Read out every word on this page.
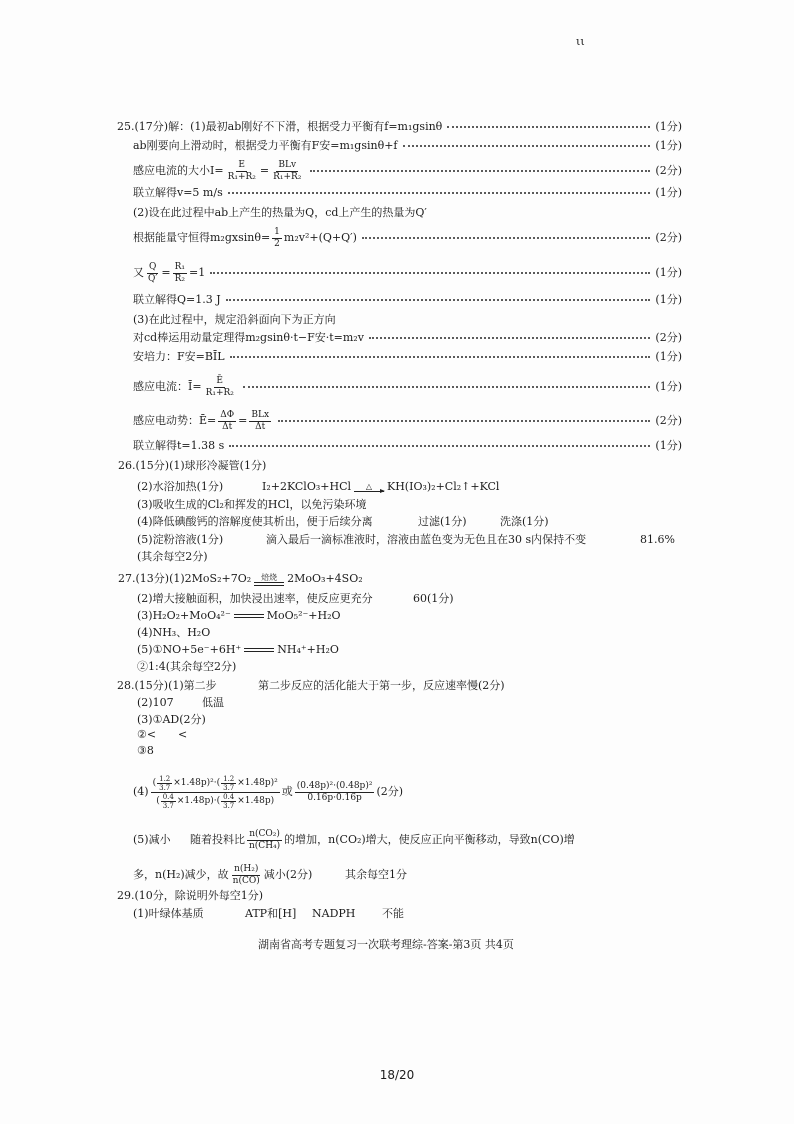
ιι
25.(17分)解：(1)最初ab刚好不下滑，根据受力平衡有f=m₁gsinθ	(1分)
ab刚要向上滑动时，根据受力平衡有F安=m₁gsinθ+f	(1分)
感应电流的大小$I= \frac{E}{\text{R₁+R₂}} = \frac{\text{BLv}}{\text{R₁+R₂}}$	(2分)
联立解得v=5 m/s	(1分)
(2)设在此过程中ab上产生的热量为Q，cd上产生的热量为Q′
根据能量守恒得$m_2gxsin\theta= \frac{1}{2} m_2v^2+(Q+Q')$	(2分)
又 $\frac{Q}{Q'} = \frac{\text{R₁}}{\text{R₂}} =1$	(1分)
联立解得Q=1.3 J	(1分)
(3)在此过程中，规定沿斜面向下为正方向
对cd棒运用动量定理得m₂gsinθ·t−F安·t=m₂v	(2分)
安培力：F安=BĪL	(1分)
感应电流：Ī= $\frac{Ē}{\text{R₁+R₂}}$	(1分)
感应电动势：Ē= $\frac{\Delta\Phi}{\Delta t} = \frac{\text{BLx}}{\Delta t}$	(2分)
联立解得t=1.38 s	(1分)
26.(15分)(1)球形冷凝管(1分)
(2)水浴加热(1分)	I₂+2KClO₃+HCl △ KH(IO₃)₂+Cl₂↑+KCl
(3)吸收生成的Cl₂和挥发的HCl，以免污染环境
(4)降低碘酸钙的溶解度使其析出，便于后续分离	过滤(1分)	洗涤(1分)
(5)淀粉溶液(1分)	滴入最后一滴标准液时，溶液由蓝色变为无色且在30 s内保持不变	81.6%
(其余每空2分)
27.(13分)(1)2MoS₂+7O₂ 焙烧 2MoO₃+4SO₂
(2)增大接触面积，加快浸出速率，使反应更充分	60(1分)
(3)H₂O₂+MoO₄²⁻	MoO₅²⁻+H₂O
(4)NH₃、H₂O
(5)①NO+5e⁻+6H⁺	NH₄⁺+H₂O
②1:4(其余每空2分)
28.(15分)(1)第二步	第二步反应的活化能大于第一步，反应速率慢(2分)
(2)107	低温
(3)①AD(2分)
②< <
③8
(4)
( $\frac{1.2}{3.7} \times 1.48p$ )² · ( $\frac{1.2}{3.7} \times 1.48p$ )²
( $\frac{0.4}{3.7} \times 1.48p$ ) · ( $\frac{0.4}{3.7} \times 1.48p$ )
或 $\frac{\text{(0.48p)²·(0.48p)²}}{0.16p\cdot 0.16p} (2$分)
(5)减小 随着投料比 $\frac{\text{n(CO₂)}}{\text{n(CH₄)}}$ 的增加，n(CO₂)增大，使反应正向平衡移动，导致n(CO)增
多，n(H₂)减少，故 $\frac{\text{n(H₂)}}{n(CO)}$ 减小(2分)	其余每空1分
29.(10分，除说明外每空1分)
(1)叶绿体基质	ATP和[H] NADPH 不能
湖南省高考专题复习一次联考理综-答案-第3页 共4页
18/20
